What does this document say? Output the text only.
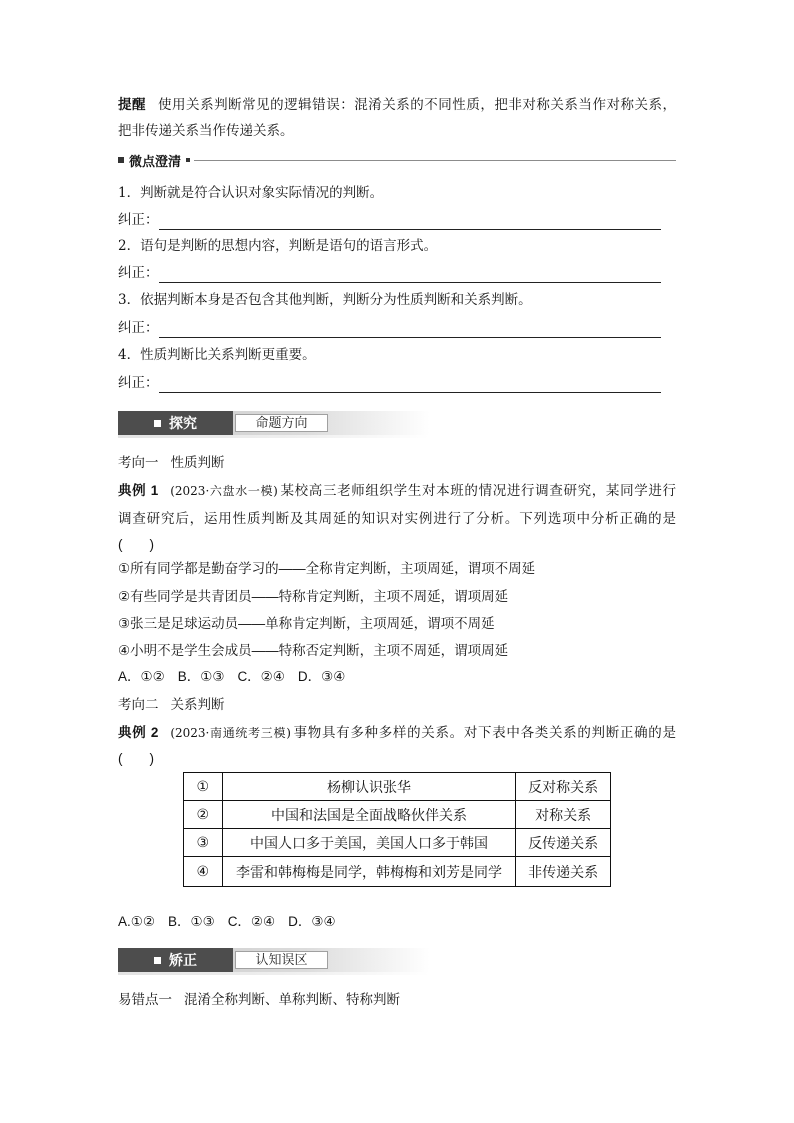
提醒 使用关系判断常见的逻辑错误：混淆关系的不同性质，把非对称关系当作对称关系，
把非传递关系当作传递关系。
微点澄清
1．判断就是符合认识对象实际情况的判断。
纠正：
2．语句是判断的思想内容，判断是语句的语言形式。
纠正：
3．依据判断本身是否包含其他判断，判断分为性质判断和关系判断。
纠正：
4．性质判断比关系判断更重要。
纠正：
探究	命题方向
考向一 性质判断
典例 1 (2023·六盘水一模) 某校高三老师组织学生对本班的情况进行调查研究，某同学进行
调查研究后，运用性质判断及其周延的知识对实例进行了分析。下列选项中分析正确的是
(　　)
①所有同学都是勤奋学习的——全称肯定判断，主项周延，谓项不周延
②有些同学是共青团员——特称肯定判断，主项不周延，谓项周延
③张三是足球运动员——单称肯定判断，主项周延，谓项不周延
④小明不是学生会成员——特称否定判断，主项不周延，谓项周延
A．①② B．①③ C．②④ D．③④
考向二 关系判断
典例 2 (2023·南通统考三模) 事物具有多种多样的关系。对下表中各类关系的判断正确的是
(　　)
①	杨柳认识张华	反对称关系
②	中国和法国是全面战略伙伴关系	对称关系
③	中国人口多于美国，美国人口多于韩国	反传递关系
④	李雷和韩梅梅是同学，韩梅梅和刘芳是同学	非传递关系
A.①② B．①③ C．②④ D．③④
矫正	认知误区
易错点一 混淆全称判断、单称判断、特称判断
